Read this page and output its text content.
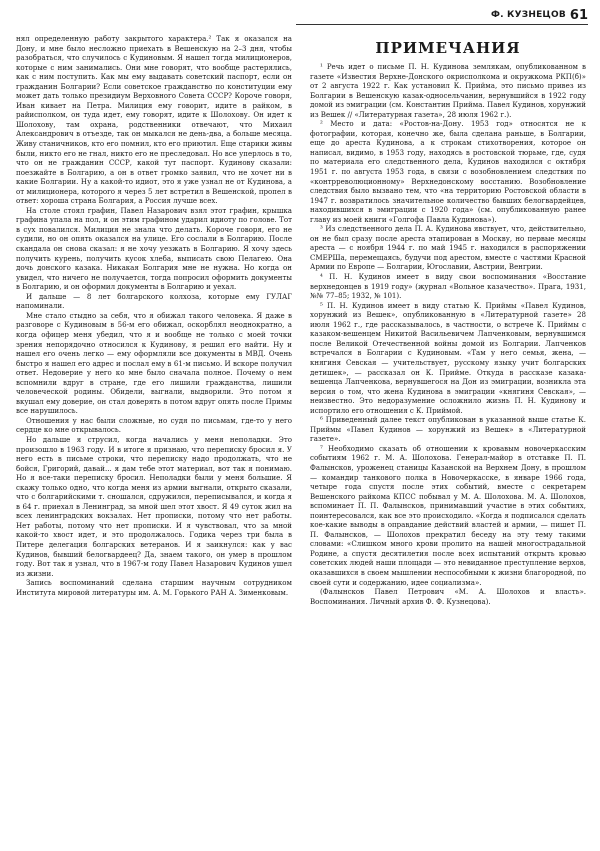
Ф. КУЗНЕЦОВ 61

нял определенную работу закрытого характера.² Так я оказался на Дону, и мне было несложно приехать в Вешенскую на 2–3 дня, чтобы разобраться, что случилось с Кудиновым. Я нашел тогда милиционеров, которые с ним занимались. Они мне говорят, что вообще растерялись, как с ним поступить. Как мы ему выдавать советский паспорт, если он гражданин Болгарии? Если советское гражданство по конституции ему может дать только президиум Верховного Совета СССР? Короче говоря, Иван кивает на Петра. Милиция ему говорит, идите в райком, в райисполком, он туда идет, ему говорят, идите к Шолохову. Он идет к Шолохову, там охрана, родственники отвечают, что Михаил Александрович в отъезде, так он мыкался не день-два, а больше месяца. Живу станичников, кто его помнил, кто его приютил. Еще старики живы были, никто его не гнал, никто его не преследовал. Но все уперлось в то, что он не гражданин СССР, какой тут паспорт. Кудинову сказали: поезжайте в Болгарию, а он в ответ громко заявил, что не хочет ни в какие Болгарии. Ну а какой-то идиот, это я уже узнал не от Кудинова, а от милиционера, которого я через 5 лет встретил в Вешенской, пропел в ответ: хороша страна Болгария, а Россия лучше всех.

На столе стоял графин, Павел Назарович взял этот графин, крышка графина упала на пол, и он этим графином ударил идиоту по голове. Тот в сух повалился. Милиция не знала что делать. Короче говоря, его не судили, но он опять оказался на улице. Его сослали в Болгарию. После скандала он снова сказал: я не хочу уезжать в Болгарию. Я хочу здесь получить курень, получить кусок хлеба, выписать свою Пелагею. Она дочь донского казака. Никакая Болгария мне не нужна. Но когда он увидел, что ничего не получается, тогда попросил оформить документы в Болгарию, и он оформил документы в Болгарию и уехал.

И дальше — 8 лет болгарского колхоза, которые ему ГУЛАГ напоминали.

Мне стало стыдно за себя, что я обижал такого человека. Я даже в разговоре с Кудиновым в 56-м его обижал, оскорблял неоднократно, а когда офицер меня убедил, что я и вообще не только с моей точки зрения непорядочно относился к Кудинову, я решил его найти. Ну и нашел его очень легко — ему оформляли все документы в МВД. Очень быстро я нашел его адрес и послал ему в 61-м письмо. И вскоре получил ответ. Недоверие у него ко мне было сначала полное. Почему о нем вспомнили вдруг в стране, где его лишили гражданства, лишили человеческой родины. Обидели, выгнали, выдворили. Это потом я вкушал ему доверие, он стал доверять в потом вдруг опять после Примы все нарушилось.

Отношения у нас были сложные, но судя по письмам, где-то у него сердце ко мне открывалось.

Но дальше я струсил, когда начались у меня неполадки. Это произошло в 1963 году. И в итоге я признаю, что переписку бросил я. У него есть в письме строки, что переписку надо продолжать, что не бойся, Григорий, давай... я дам тебе этот материал, вот так я понимаю. Но я все-таки переписку бросил. Неполадки были у меня большие. Я скажу только одно, что когда меня из армии выгнали, открыто сказали, что с болгарийскими т. сношался, сдружился, переписывался, и когда я в 64 г. приехал в Ленинград, за мной шел этот хвост. Я 49 суток жил на всех ленинградских вокзалах. Нет прописки, потому что нет работы. Нет работы, потому что нет прописки. И я чувствовал, что за мной какой-то хвост идет, и это продолжалось. Годика через три была в Питере делегация болгарских ветеранов. И я заикнулся: как у вас Кудинов, бывший белогвардеец? Да, знаем такого, он умер в прошлом году. Вот так я узнал, что в 1967-м году Павел Назарович Кудинов ушел из жизни.

Запись воспоминаний сделана старшим научным сотрудником Института мировой литературы им. А. М. Горького РАН А. Зименковым.

ПРИМЕЧАНИЯ

¹ Речь идет о письме П. Н. Кудинова землякам, опубликованном в газете «Известия Верхне-Донского окрисполкома и окружкома РКП(б)» от 2 августа 1922 г. Как установил К. Прийма, это письмо привез из Болгарии в Вешенскую казак-односельчанин, вернувшийся в 1922 году домой из эмиграции (см. Константин Прийма. Павел Кудинов, хорунжий из Вешек // «Литературная газета», 28 июля 1962 г.).

² Место и дата: «Ростов-на-Дону. 1953 год» относятся не к фотографии, которая, конечно же, была сделана раньше, в Болгарии, еще до ареста Кудинова, а к строкам стихотворения, которое он написал, видимо, в 1953 году, находясь в ростовской тюрьме, где, судя по материала его следственного дела, Кудинов находился с октября 1951 г. по августа 1953 года, в связи с возобновлением следствия по «контрреволюционному» Верхнедонскому восстанию. Возобновление следствия было вызвано тем, что «на территорию Ростовской области в 1947 г. возвратилось значительное количество бывших белогвардейцев, находившихся в эмиграции с 1920 года» (см. опубликованную ранее главу из моей книги «Голгофа Павла Кудинова»).

³ Из следственного дела П. А. Кудинова явствует, что, действительно, он не был сразу после ареста этапирован в Москву, но первые месяцы ареста — с ноября 1944 г. по май 1945 г. находился в распоряжении СМЕРШа, перемещаясь, будучи под арестом, вместе с частями Красной Армии по Европе — Болгарии, Югославии, Австрии, Венгрии.

⁴ П. Н. Кудинов имеет в виду свои воспоминания «Восстание верхнедонцев в 1919 году» (журнал «Вольное казачество». Прага, 1931, №№ 77–85; 1932, № 101).

⁵ П. Н. Кудинов имеет в виду статью К. Приймы «Павел Кудинов, хорунжий из Вешек», опубликованную в «Литературной газете» 28 июля 1962 г., где рассказывалось, в частности, о встрече К. Приймы с казаком-вешенцем Никитой Васильевичем Лапченковым, вернувшимся после Великой Отечественной войны домой из Болгарии. Лапченков встречался в Болгарии с Кудиновым. «Там у него семья, жена, — княгиня Севская — учительствует, русскому языку учит болгарских детишек», — рассказал он К. Прийме. Откуда в рассказе казака-вешенца Лапченкова, вернувшегося на Дон из эмиграции, возникла эта версия о том, что жена Кудинова в эмиграции «княгиня Севская», — неизвестно. Это недоразумение осложнило жизнь П. Н. Кудинову и испортило его отношения с К. Приймой.

⁶ Приведенный далее текст опубликован в указанной выше статье К. Приймы «Павел Кудинов — хорунжий из Вешек» в «Литературной газете».

⁷ Необходимо сказать об отношении к кровавым новочеркасским событиям 1962 г. М. А. Шолохова. Генерал-майор в отставке П. П. Фалынсков, уроженец станицы Казанской на Верхнем Дону, в прошлом — командир танкового полка в Новочеркасске, в январе 1966 года, четыре года спустя после этих событий, вместе с секретарем Вешенского райкома КПСС побывал у М. А. Шолохова. М. А. Шолохов, вспоминает П. П. Фалынсков, принимавший участие в этих событиях, поинтересовался, как все это происходило. «Когда я подписался сделать кое-какие выводы в оправдание действий властей и армии, — пишет П. П. Фалынсков, — Шолохов прекратил беседу на эту тему такими словами: «Слишком много крови пролито на нашей многострадальной Родине, а спустя десятилетия после всех испытаний открыть кровью советских людей наши площади — это невиданное преступление верхов, оказавшихся в своем мышлении неспособными к жизни благородной, по своей сути и содержанию, идее социализма».

(Фалынсков Павел Петрович «М. А. Шолохов и власть». Воспоминания. Личный архив Ф. Ф. Кузнецова).
